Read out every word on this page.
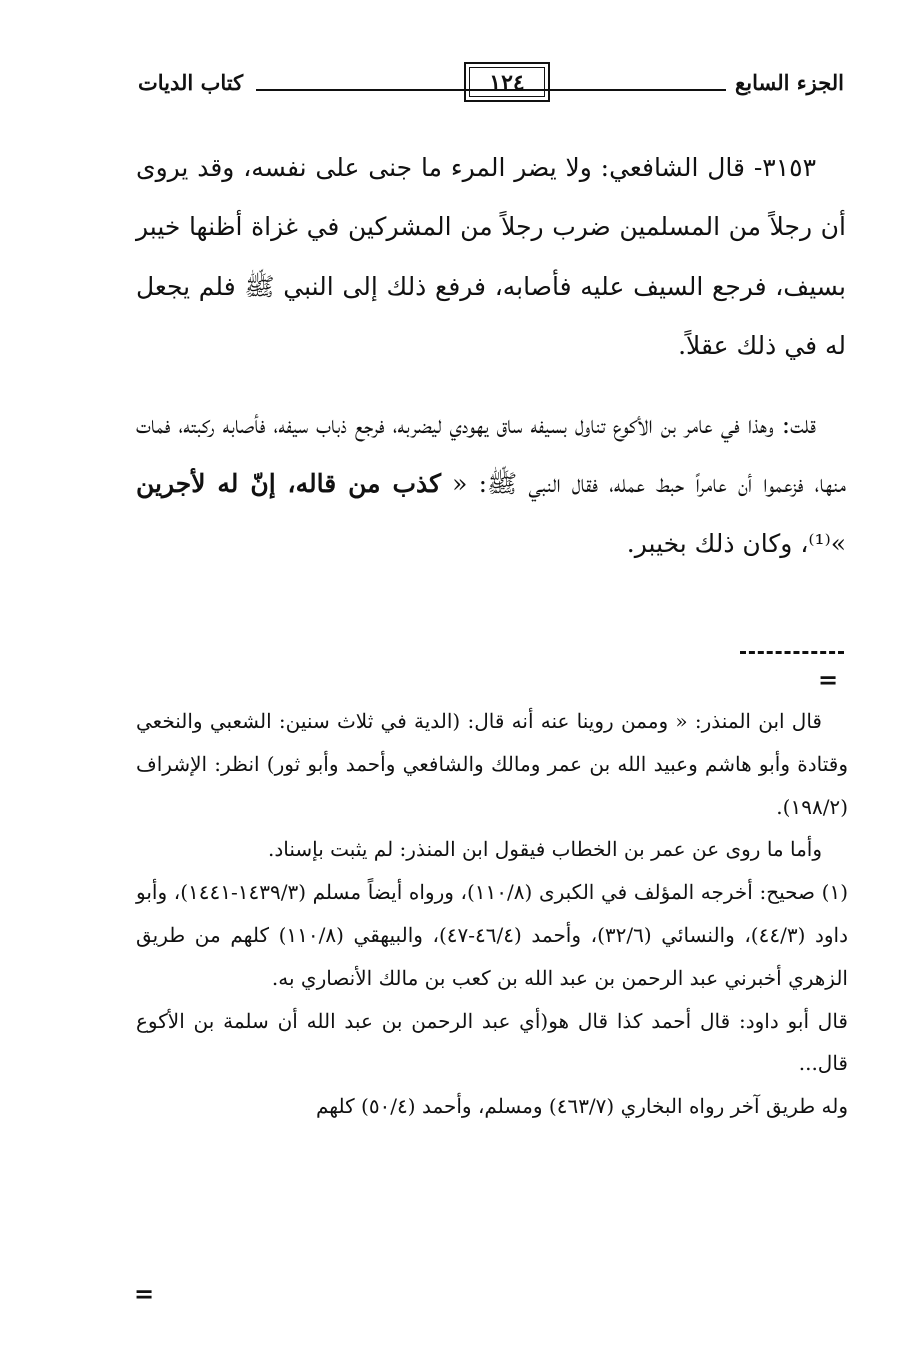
الجزء السابع
١٢٤
كتاب الديات

٣١٥٣- قال الشافعي: ولا يضر المرء ما جنى على نفسه، وقد يروى أن رجلاً من المسلمين ضرب رجلاً من المشركين في غزاة أظنها خيبر بسيف، فرجع السيف عليه فأصابه، فرفع ذلك إلى النبي ﷺ فلم يجعل له في ذلك عقلاً.

قلت: وهذا في عامر بن الأكوع تناول بسيفه ساق يهودي ليضربه، فرجع ذباب سيفه، فأصابه ركبته، فمات منها، فزعموا أن عامراً حبط عمله، فقال النبي ﷺ: « كذب من قاله، إنّ له لأجرين »⁽¹⁾، وكان ذلك بخيبر.

=

قال ابن المنذر: « وممن روينا عنه أنه قال: (الدية في ثلاث سنين: الشعبي والنخعي وقتادة وأبو هاشم وعبيد الله بن عمر ومالك والشافعي وأحمد وأبو ثور) انظر: الإشراف (١٩٨/٢).

وأما ما روى عن عمر بن الخطاب فيقول ابن المنذر: لم يثبت بإسناد.

(١) صحيح: أخرجه المؤلف في الكبرى (١١٠/٨)، ورواه أيضاً مسلم (١٤٣٩/٣-١٤٤١)، وأبو داود (٤٤/٣)، والنسائي (٣٢/٦)، وأحمد (٤٦/٤-٤٧)، والبيهقي (١١٠/٨) كلهم من طريق الزهري أخبرني عبد الرحمن بن عبد الله بن كعب بن مالك الأنصاري به.

قال أبو داود: قال أحمد كذا قال هو(أي عبد الرحمن بن عبد الله أن سلمة بن الأكوع قال...

وله طريق آخر رواه البخاري (٤٦٣/٧) ومسلم، وأحمد (٥٠/٤) كلهم

=
